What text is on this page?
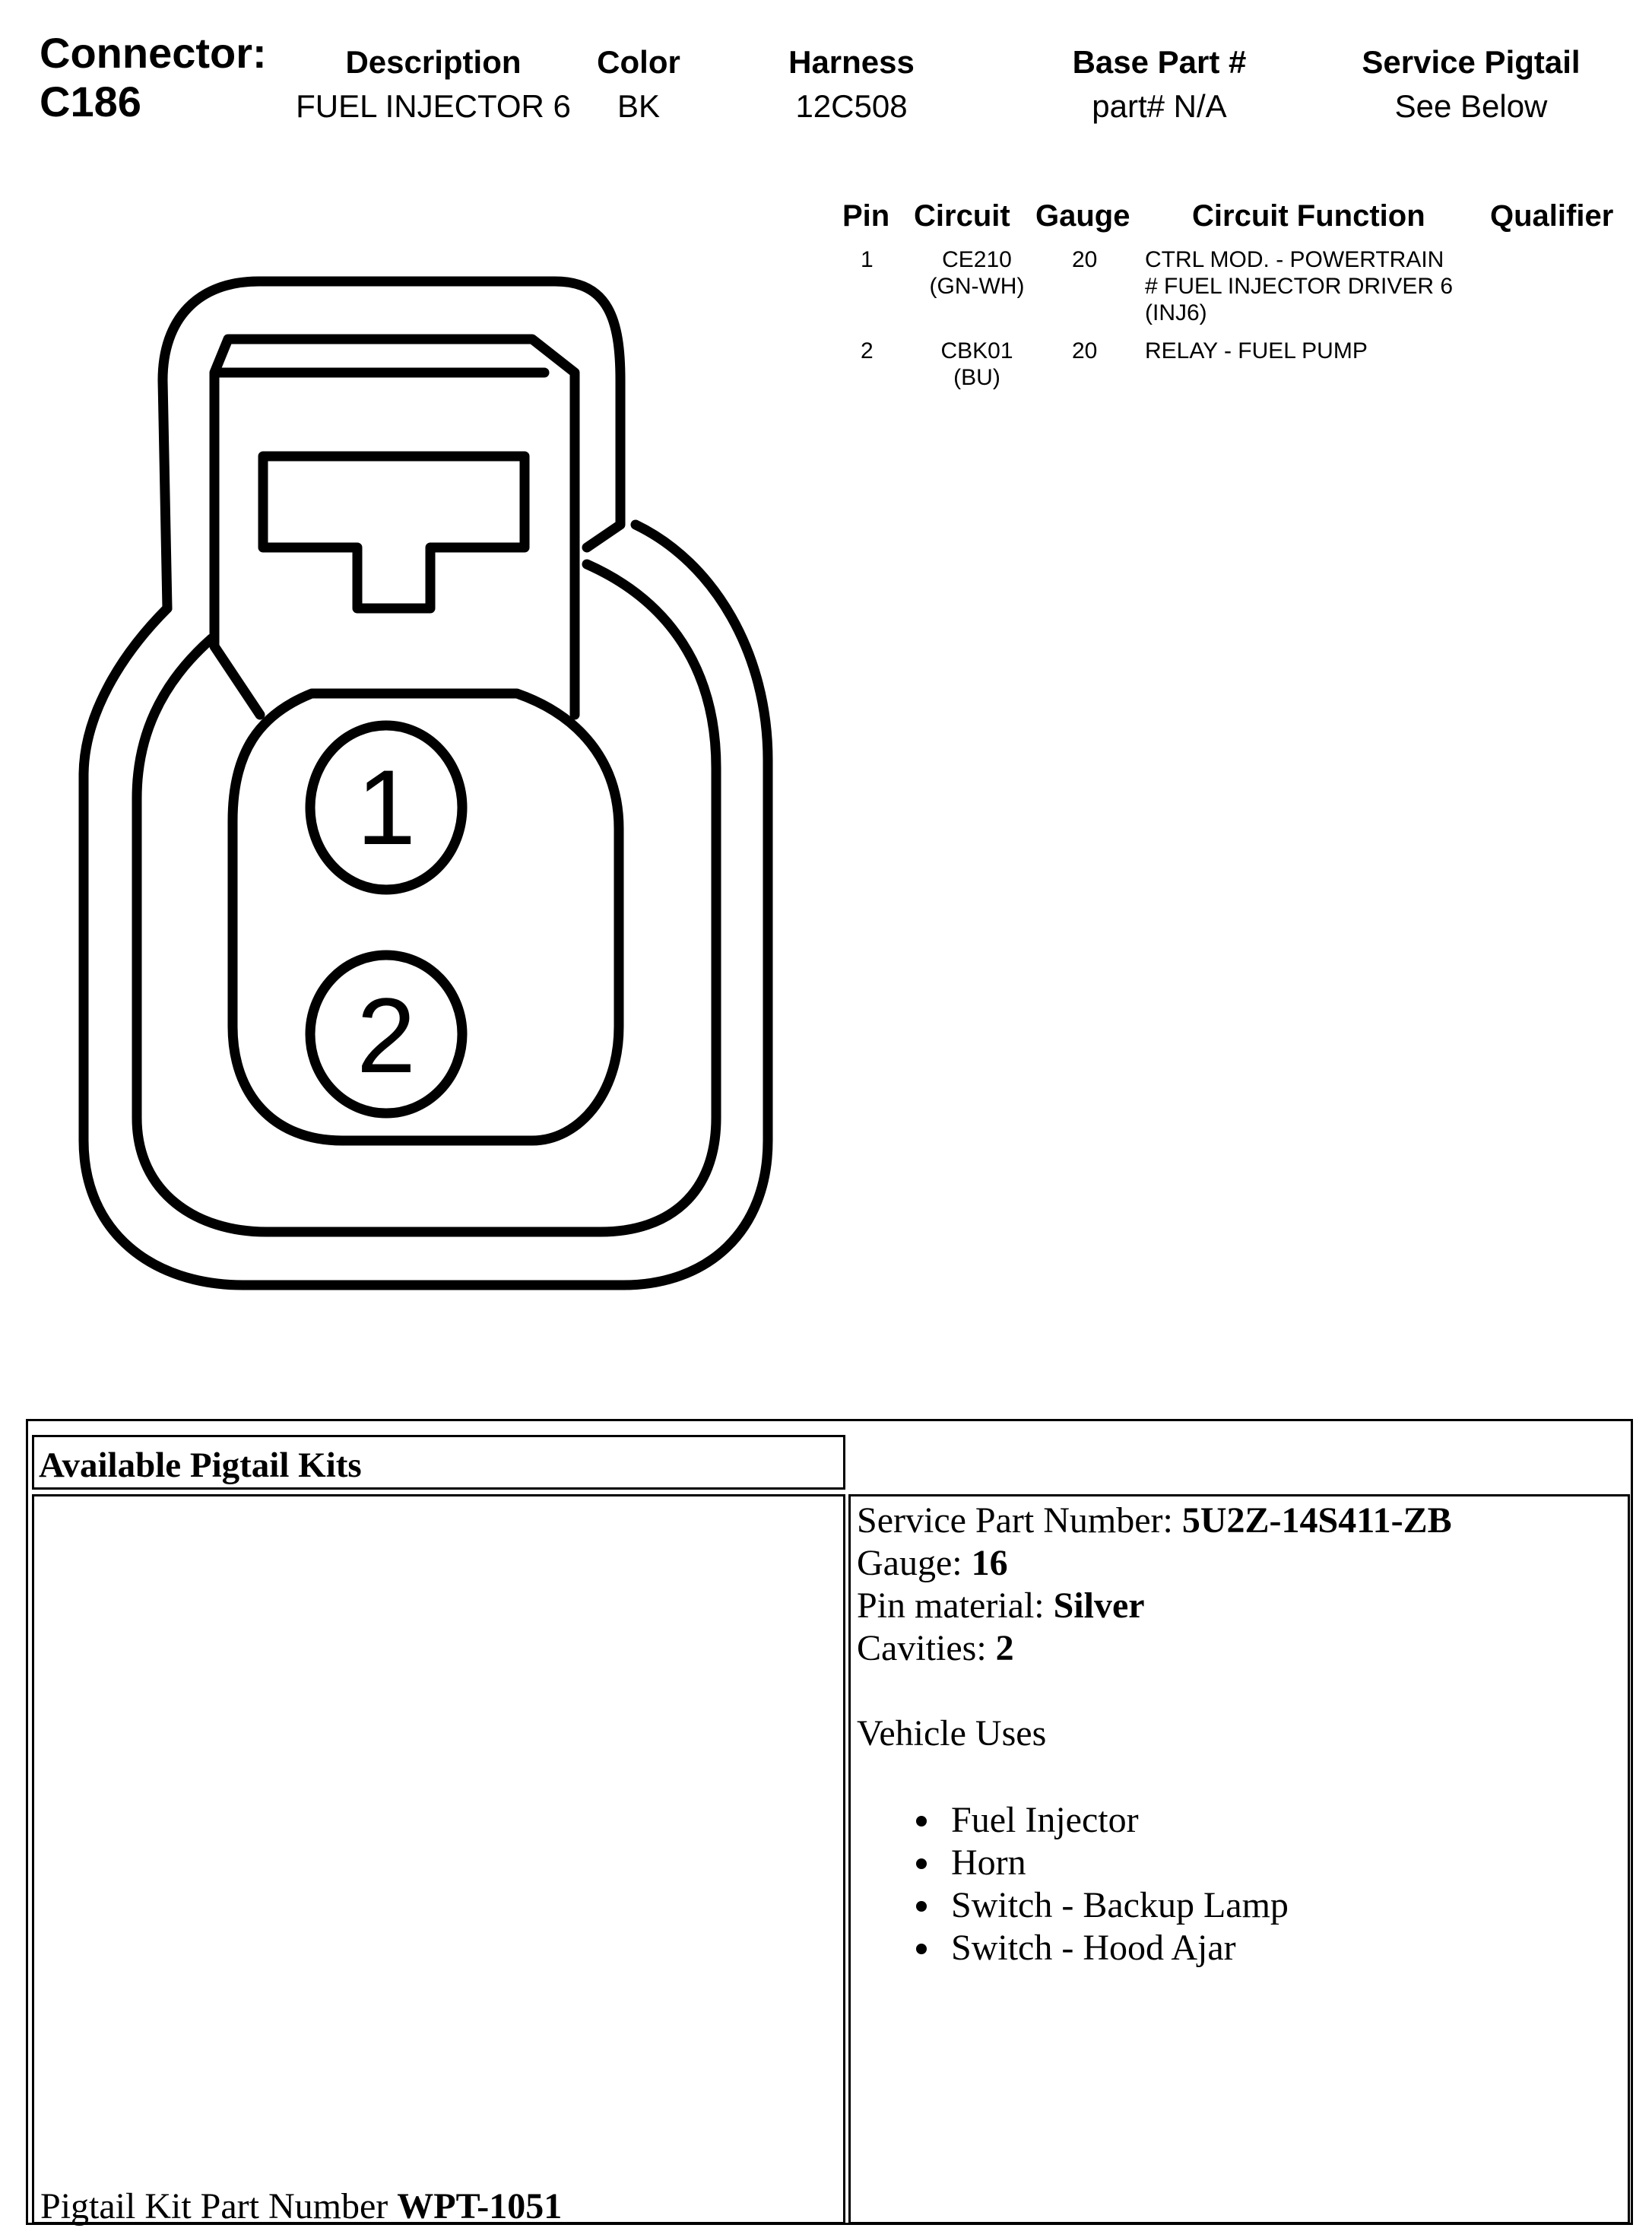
Connector:
C186
Description
FUEL INJECTOR 6
Color
BK
Harness
12C508
Base Part #
part# N/A
Service Pigtail
See Below
Pin Circuit Gauge Circuit Function Qualifier
1	CE210
(GN-WH)
20 CTRL MOD. - POWERTRAIN
# FUEL INJECTOR DRIVER 6
(INJ6)
2	CBK01
(BU)
20 RELAY - FUEL PUMP
1
2
Available Pigtail Kits
Pigtail Kit Part Number WPT-1051
Service Part Number: 5U2Z-14S411-ZB
Gauge: 16
Pin material: Silver
Cavities: 2
Vehicle Uses
Fuel Injector
Horn
Switch - Backup Lamp
Switch - Hood Ajar
